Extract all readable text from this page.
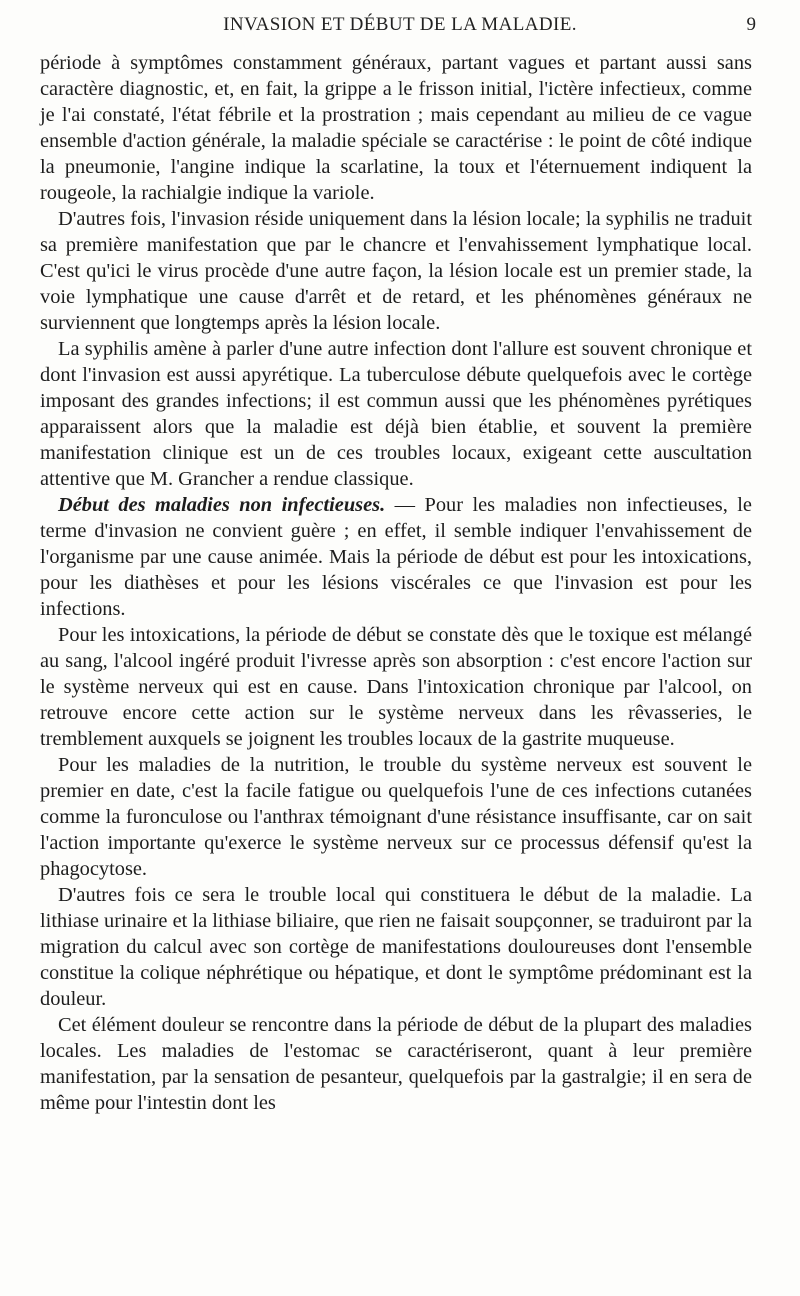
INVASION ET DÉBUT DE LA MALADIE.	9

période à symptômes constamment généraux, partant vagues et partant aussi sans caractère diagnostic, et, en fait, la grippe a le frisson initial, l'ictère infectieux, comme je l'ai constaté, l'état fébrile et la prostration ; mais cependant au milieu de ce vague ensemble d'action générale, la maladie spéciale se caractérise : le point de côté indique la pneumonie, l'angine indique la scarlatine, la toux et l'éternuement indiquent la rougeole, la rachialgie indique la variole.

D'autres fois, l'invasion réside uniquement dans la lésion locale; la syphilis ne traduit sa première manifestation que par le chancre et l'envahissement lymphatique local. C'est qu'ici le virus procède d'une autre façon, la lésion locale est un premier stade, la voie lymphatique une cause d'arrêt et de retard, et les phénomènes généraux ne surviennent que longtemps après la lésion locale.

La syphilis amène à parler d'une autre infection dont l'allure est souvent chronique et dont l'invasion est aussi apyrétique. La tuberculose débute quelquefois avec le cortège imposant des grandes infections; il est commun aussi que les phénomènes pyrétiques apparaissent alors que la maladie est déjà bien établie, et souvent la première manifestation clinique est un de ces troubles locaux, exigeant cette auscultation attentive que M. Grancher a rendue classique.

Début des maladies non infectieuses. — Pour les maladies non infectieuses, le terme d'invasion ne convient guère ; en effet, il semble indiquer l'envahissement de l'organisme par une cause animée. Mais la période de début est pour les intoxications, pour les diathèses et pour les lésions viscérales ce que l'invasion est pour les infections.

Pour les intoxications, la période de début se constate dès que le toxique est mélangé au sang, l'alcool ingéré produit l'ivresse après son absorption : c'est encore l'action sur le système nerveux qui est en cause. Dans l'intoxication chronique par l'alcool, on retrouve encore cette action sur le système nerveux dans les rêvasseries, le tremblement auxquels se joignent les troubles locaux de la gastrite muqueuse.

Pour les maladies de la nutrition, le trouble du système nerveux est souvent le premier en date, c'est la facile fatigue ou quelquefois l'une de ces infections cutanées comme la furonculose ou l'anthrax témoignant d'une résistance insuffisante, car on sait l'action importante qu'exerce le système nerveux sur ce processus défensif qu'est la phagocytose.

D'autres fois ce sera le trouble local qui constituera le début de la maladie. La lithiase urinaire et la lithiase biliaire, que rien ne faisait soupçonner, se traduiront par la migration du calcul avec son cortège de manifestations douloureuses dont l'ensemble constitue la colique néphrétique ou hépatique, et dont le symptôme prédominant est la douleur.

Cet élément douleur se rencontre dans la période de début de la plupart des maladies locales. Les maladies de l'estomac se caractériseront, quant à leur première manifestation, par la sensation de pesanteur, quelquefois par la gastralgie; il en sera de même pour l'intestin dont les
